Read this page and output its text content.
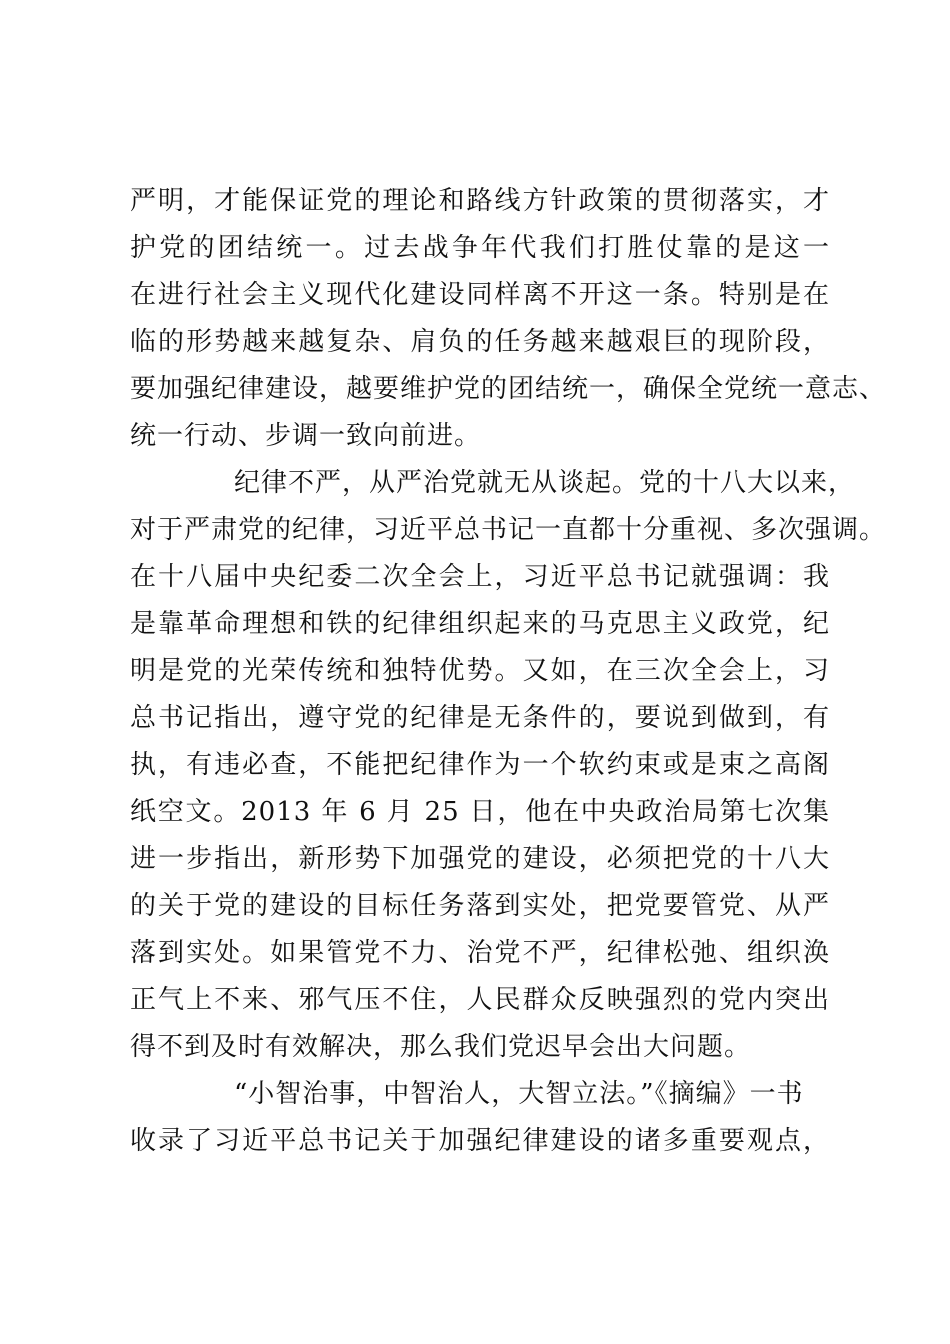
严明，才能保证党的理论和路线方针政策的贯彻落实，才
护党的团结统一。过去战争年代我们打胜仗靠的是这一
在进行社会主义现代化建设同样离不开这一条。特别是在
临的形势越来越复杂、肩负的任务越来越艰巨的现阶段，
要加强纪律建设，越要维护党的团结统一，确保全党统一意志、
统一行动、步调一致向前进。
纪律不严，从严治党就无从谈起。党的十八大以来，
对于严肃党的纪律，习近平总书记一直都十分重视、多次强调。
在十八届中央纪委二次全会上，习近平总书记就强调：我
是靠革命理想和铁的纪律组织起来的马克思主义政党，纪
明是党的光荣传统和独特优势。又如，在三次全会上，习
总书记指出，遵守党的纪律是无条件的，要说到做到，有
执，有违必查，不能把纪律作为一个软约束或是束之高阁
纸空文。2013 年 6 月 25 日，他在中央政治局第七次集
进一步指出，新形势下加强党的建设，必须把党的十八大
的关于党的建设的目标任务落到实处，把党要管党、从严
落到实处。如果管党不力、治党不严，纪律松弛、组织涣
正气上不来、邪气压不住，人民群众反映强烈的党内突出
得不到及时有效解决，那么我们党迟早会出大问题。
“小智治事，中智治人，大智立法。”《摘编》一书
收录了习近平总书记关于加强纪律建设的诸多重要观点，
